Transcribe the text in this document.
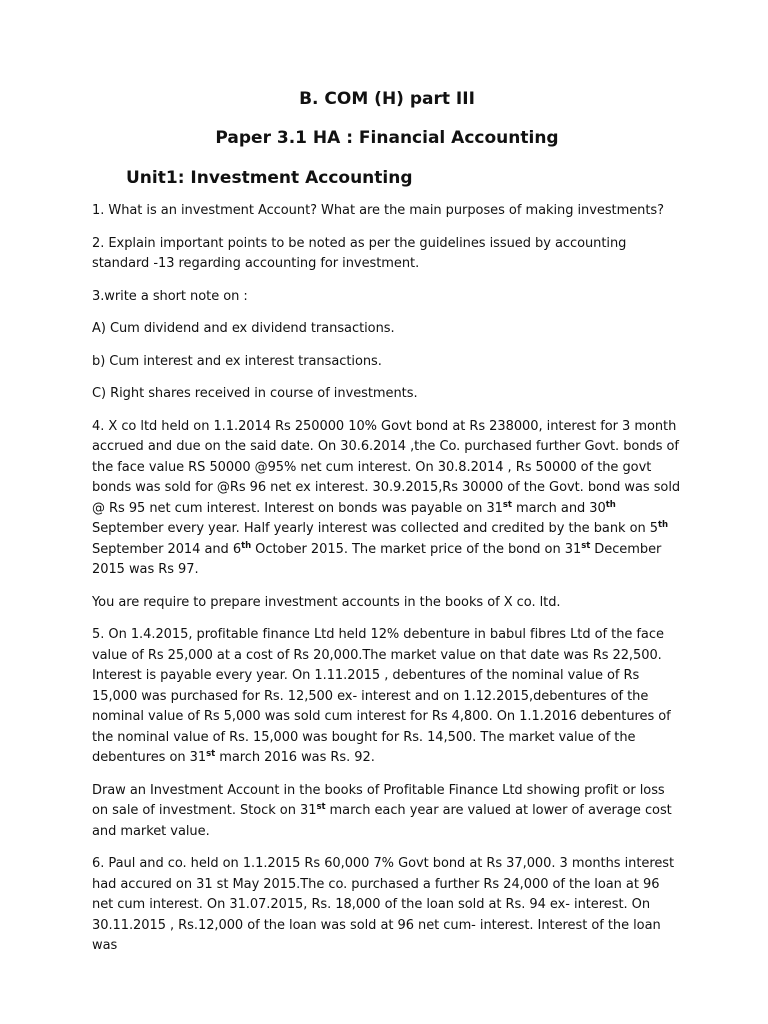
B. COM (H) part III
Paper 3.1 HA : Financial Accounting
Unit1: Investment Accounting

1. What is an investment Account? What are the main purposes of making investments?

2. Explain important points to be noted as per the guidelines issued by accounting standard -13 regarding accounting for investment.

3.write a short note on :

A) Cum dividend and ex dividend transactions.

b) Cum interest and ex interest transactions.

C) Right shares received in course of investments.

4. X co ltd held on 1.1.2014 Rs 250000 10% Govt bond at Rs 238000, interest for 3 month accrued and due on the said date. On 30.6.2014 ,the Co. purchased further Govt. bonds of the face value RS 50000 @95% net cum interest. On 30.8.2014 , Rs 50000 of the govt bonds was sold for @Rs 96 net ex interest. 30.9.2015,Rs 30000 of the Govt. bond was sold @ Rs 95 net cum interest. Interest on bonds was payable on 31st march and 30th September every year. Half yearly interest was collected and credited by the bank on 5th September 2014 and 6th October 2015. The market price of the bond on 31st December 2015 was Rs 97.

You are require to prepare investment accounts in the books of X co. ltd.

5. On 1.4.2015, profitable finance Ltd held 12% debenture in babul fibres Ltd of the face value of Rs 25,000 at a cost of Rs 20,000.The market value on that date was Rs 22,500. Interest is payable every year. On 1.11.2015 , debentures of the nominal value of Rs 15,000 was purchased for Rs. 12,500 ex- interest and on 1.12.2015,debentures of the nominal value of Rs 5,000 was sold cum interest for Rs 4,800. On 1.1.2016 debentures of the nominal value of Rs. 15,000 was bought for Rs. 14,500. The market value of the debentures on 31st march 2016 was Rs. 92.

Draw an Investment Account in the books of Profitable Finance Ltd showing profit or loss on sale of investment. Stock on 31st march each year are valued at lower of average cost and market value.

6. Paul and co. held on 1.1.2015 Rs 60,000 7% Govt bond at Rs 37,000. 3 months interest had accured on 31 st May 2015.The co. purchased a further Rs 24,000 of the loan at 96 net cum interest. On 31.07.2015, Rs. 18,000 of the loan sold at Rs. 94 ex- interest. On 30.11.2015 , Rs.12,000 of the loan was sold at 96 net cum- interest. Interest of the loan was
